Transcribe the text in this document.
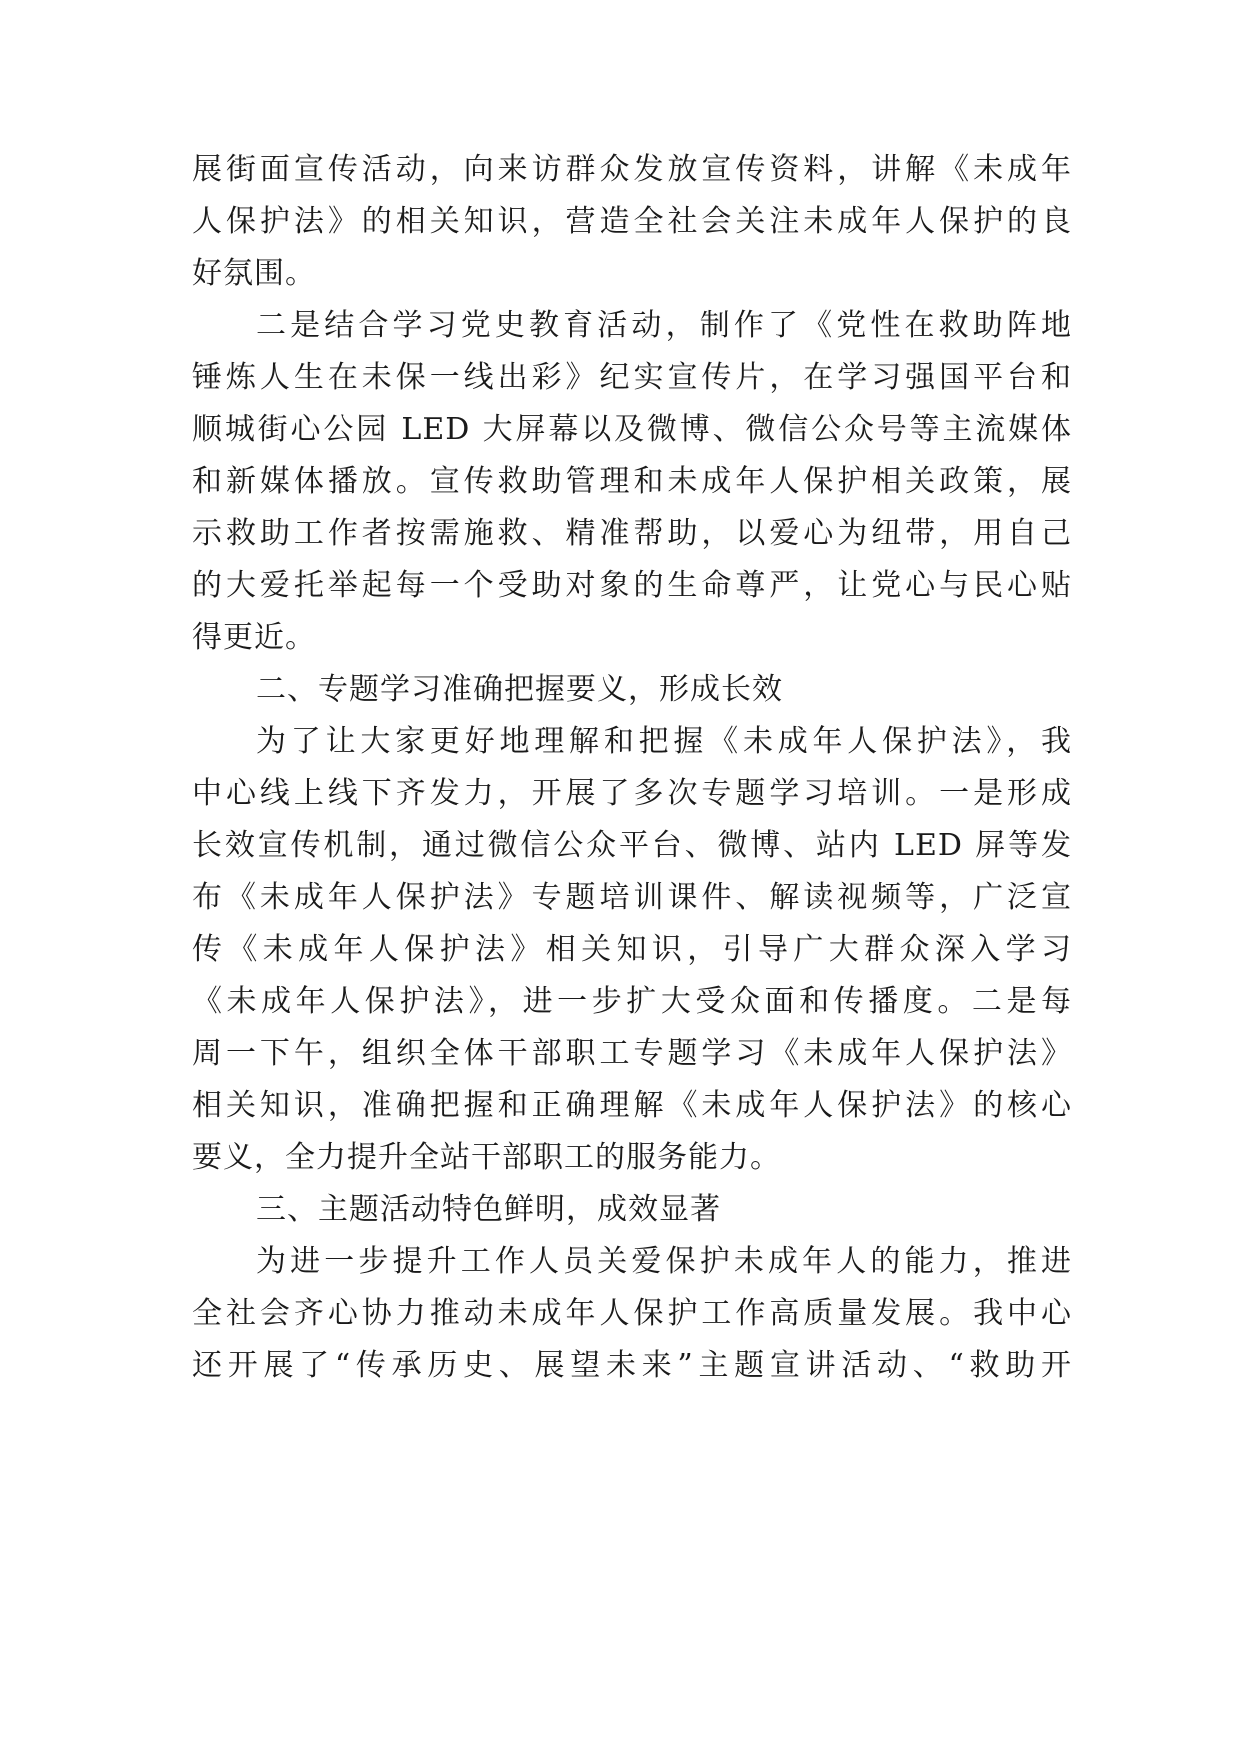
展街面宣传活动，向来访群众发放宣传资料，讲解《未成年

人保护法》的相关知识，营造全社会关注未成年人保护的良

好氛围。

二是结合学习党史教育活动，制作了《党性在救助阵地

锤炼人生在未保一线出彩》纪实宣传片，在学习强国平台和

顺城街心公园 LED 大屏幕以及微博、微信公众号等主流媒体

和新媒体播放。宣传救助管理和未成年人保护相关政策，展

示救助工作者按需施救、精准帮助，以爱心为纽带，用自己

的大爱托举起每一个受助对象的生命尊严，让党心与民心贴

得更近。

二、专题学习准确把握要义，形成长效

为了让大家更好地理解和把握《未成年人保护法》，我

中心线上线下齐发力，开展了多次专题学习培训。一是形成

长效宣传机制，通过微信公众平台、微博、站内 LED 屏等发

布《未成年人保护法》专题培训课件、解读视频等，广泛宣

传《未成年人保护法》相关知识，引导广大群众深入学习

《未成年人保护法》，进一步扩大受众面和传播度。二是每

周一下午，组织全体干部职工专题学习《未成年人保护法》

相关知识，准确把握和正确理解《未成年人保护法》的核心

要义，全力提升全站干部职工的服务能力。

三、主题活动特色鲜明，成效显著

为进一步提升工作人员关爱保护未成年人的能力，推进

全社会齐心协力推动未成年人保护工作高质量发展。我中心

还开展了“传承历史、展望未来”主题宣讲活动、“救助开
